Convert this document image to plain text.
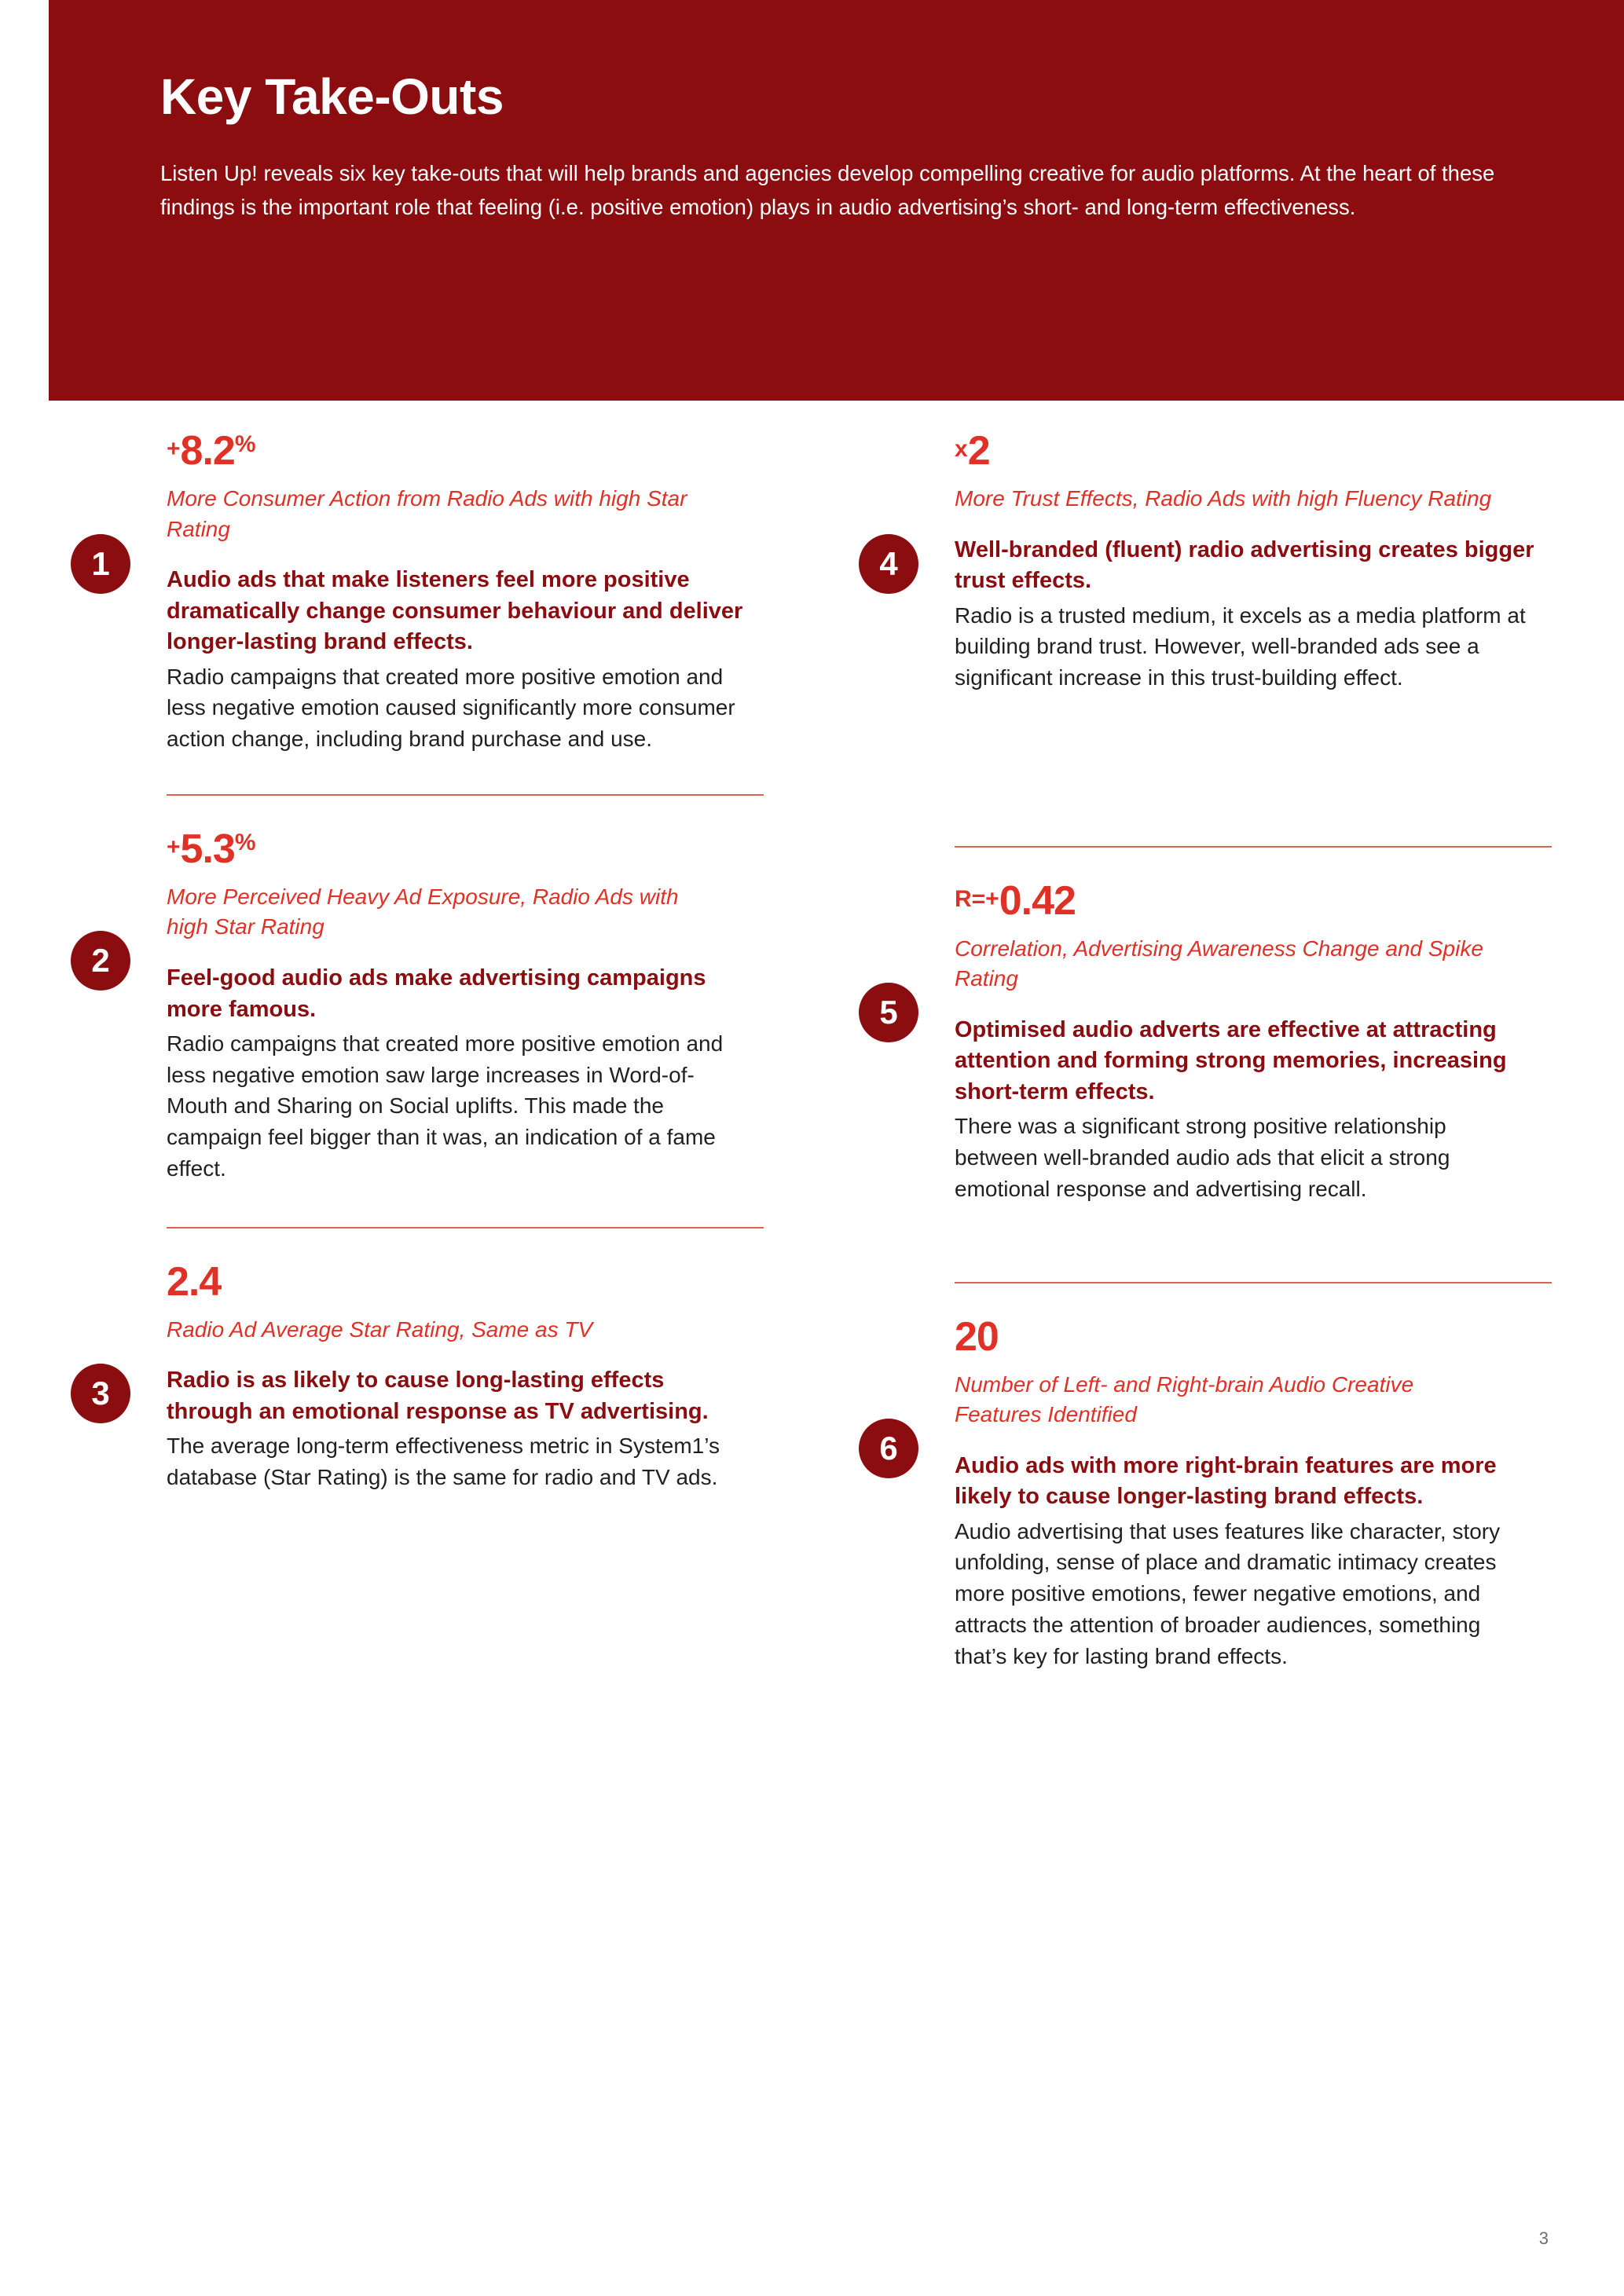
Key Take-Outs
Listen Up! reveals six key take-outs that will help brands and agencies develop compelling creative for audio platforms. At the heart of these findings is the important role that feeling (i.e. positive emotion) plays in audio advertising’s short- and long-term effectiveness.
1
+8.2%
More Consumer Action from Radio Ads with high Star Rating
Audio ads that make listeners feel more positive dramatically change consumer behaviour and deliver longer-lasting brand effects.
Radio campaigns that created more positive emotion and less negative emotion caused significantly more consumer action change, including brand purchase and use.
2
+5.3%
More Perceived Heavy Ad Exposure, Radio Ads with high Star Rating
Feel-good audio ads make advertising campaigns more famous.
Radio campaigns that created more positive emotion and less negative emotion saw large increases in Word-of-Mouth and Sharing on Social uplifts. This made the campaign feel bigger than it was, an indication of a fame effect.
3
2.4
Radio Ad Average Star Rating, Same as TV
Radio is as likely to cause long-lasting effects through an emotional response as TV advertising.
The average long-term effectiveness metric in System1’s database (Star Rating) is the same for radio and TV ads.
4
x2
More Trust Effects, Radio Ads with high Fluency Rating
Well-branded (fluent) radio advertising creates bigger trust effects.
Radio is a trusted medium, it excels as a media platform at building brand trust. However, well-branded ads see a significant increase in this trust-building effect.
5
R=+0.42
Correlation, Advertising Awareness Change and Spike Rating
Optimised audio adverts are effective at attracting attention and forming strong memories, increasing short-term effects.
There was a significant strong positive relationship between well-branded audio ads that elicit a strong emotional response and advertising recall.
6
20
Number of Left- and Right-brain Audio Creative Features Identified
Audio ads with more right-brain features are more likely to cause longer-lasting brand effects.
Audio advertising that uses features like character, story unfolding, sense of place and dramatic intimacy creates more positive emotions, fewer negative emotions, and attracts the attention of broader audiences, something that’s key for lasting brand effects.
3
